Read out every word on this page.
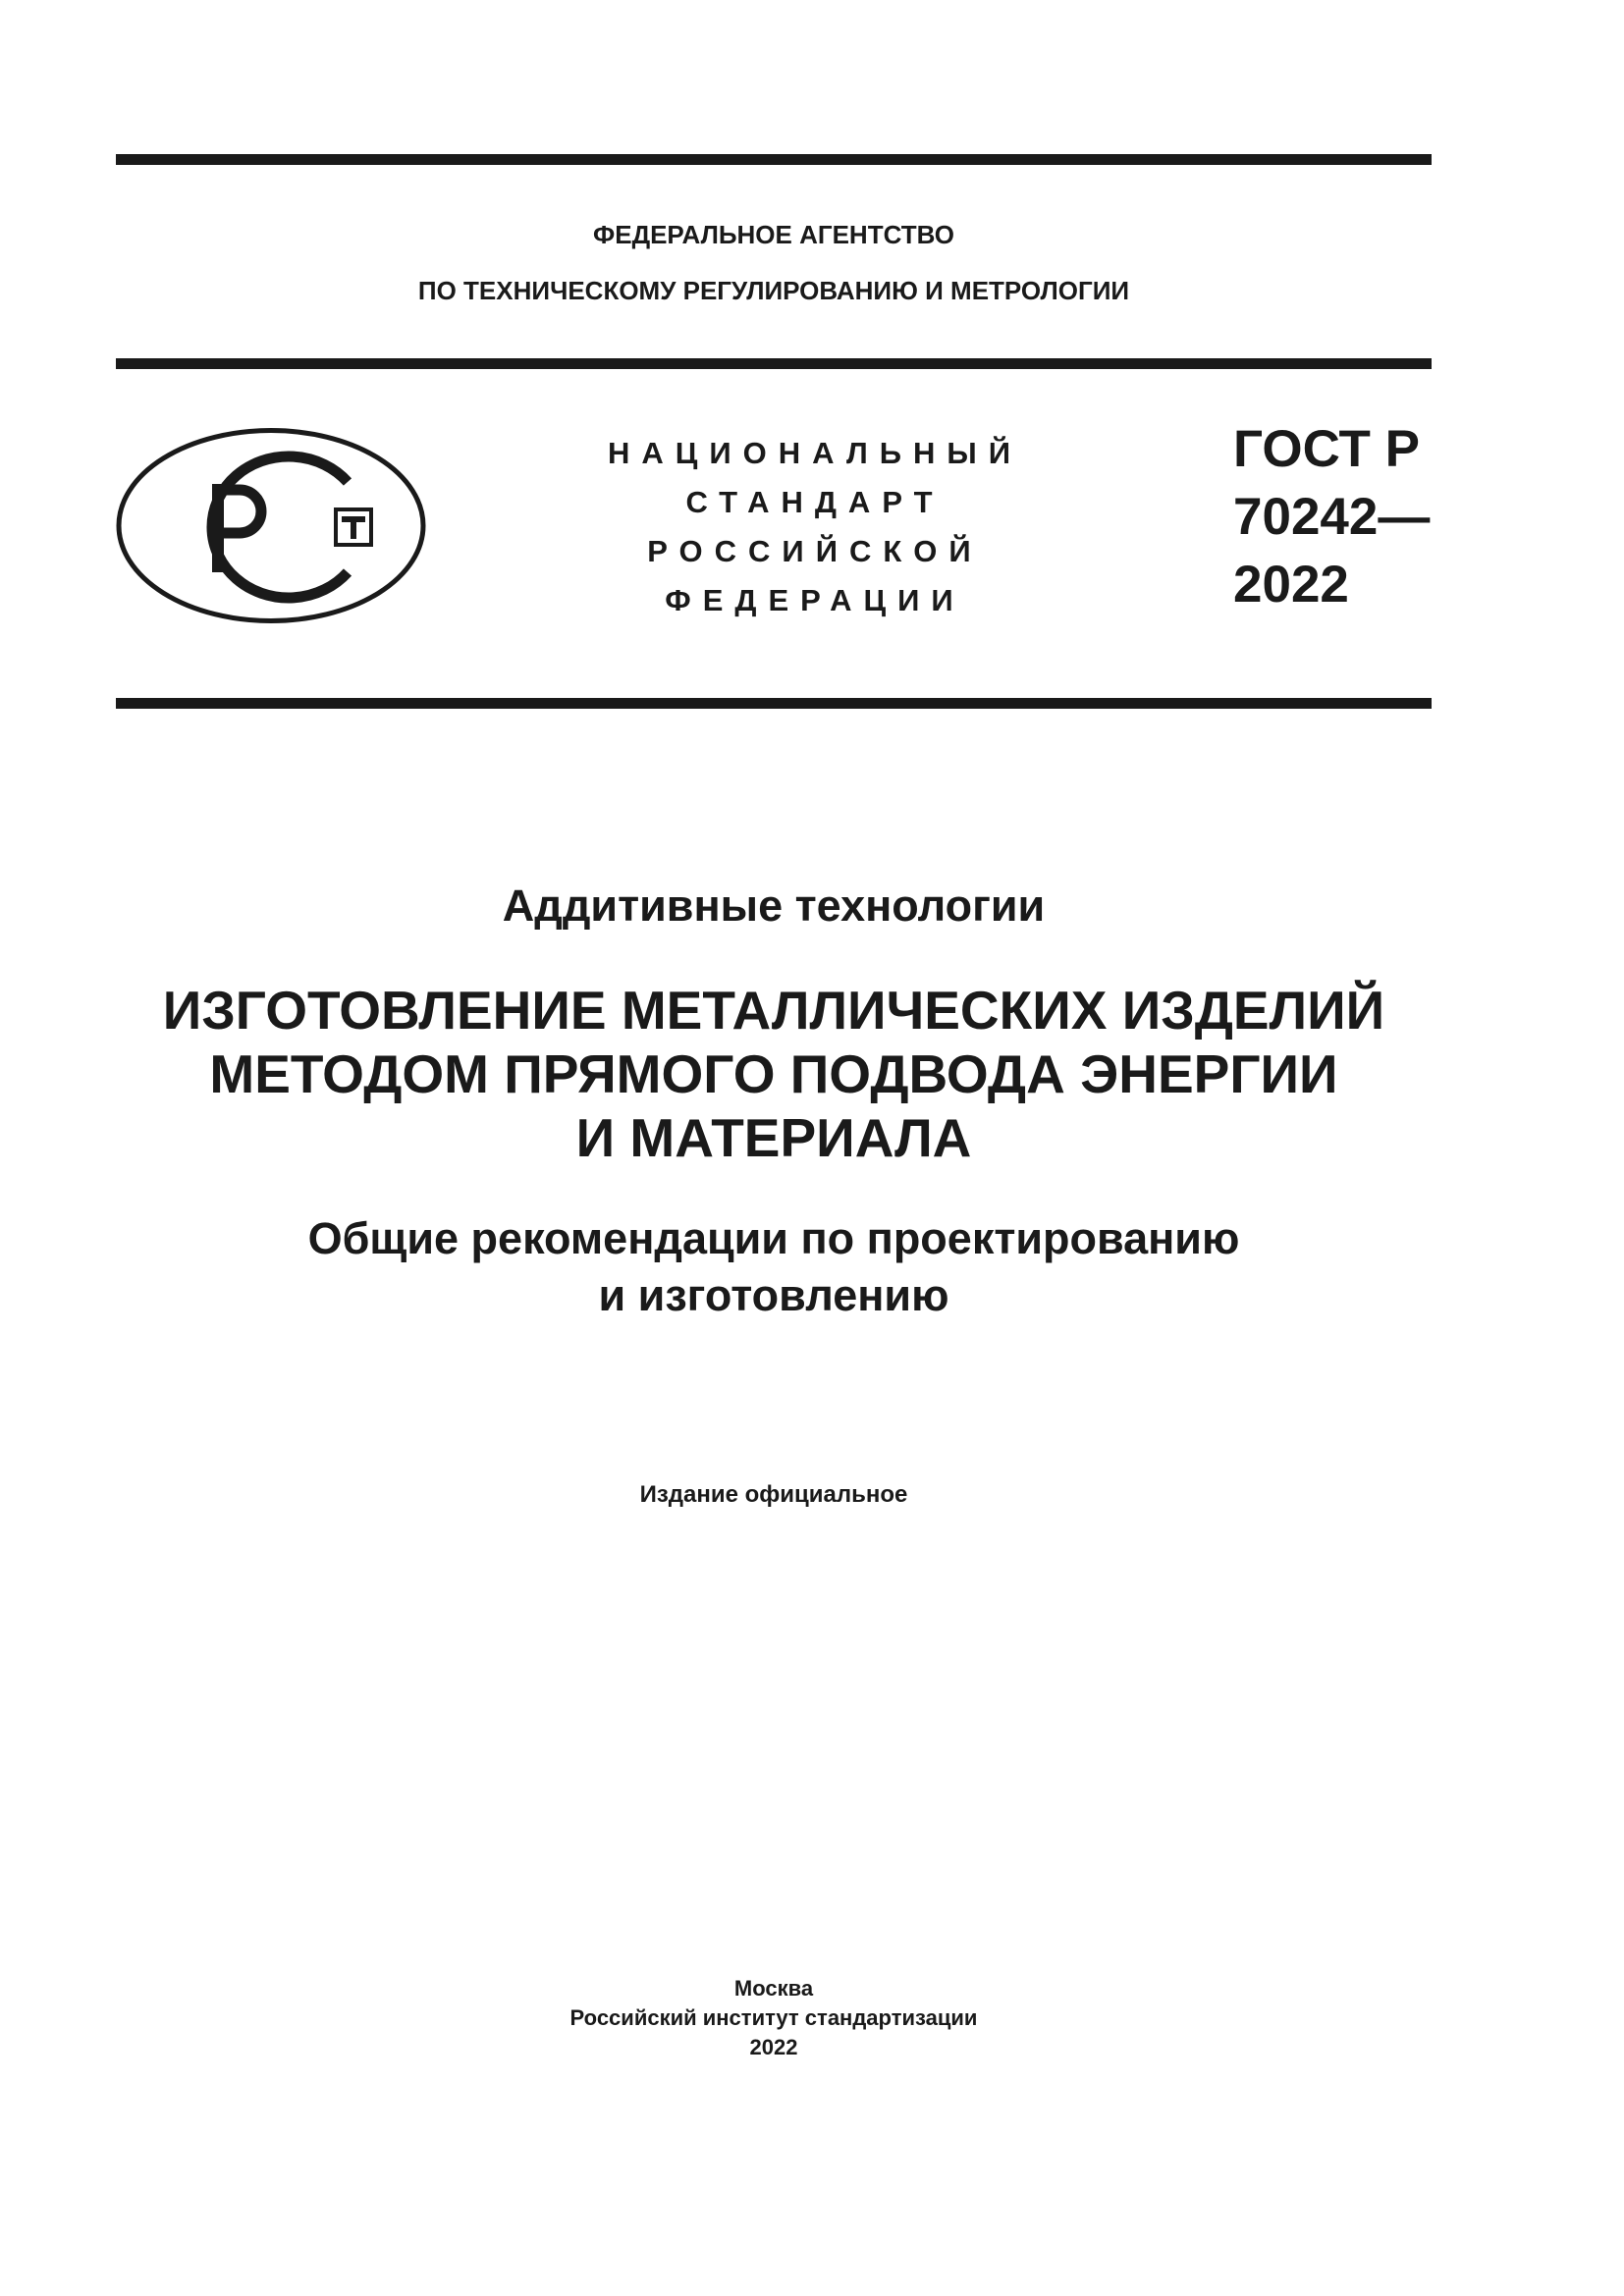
ФЕДЕРАЛЬНОЕ АГЕНТСТВО
ПО ТЕХНИЧЕСКОМУ РЕГУЛИРОВАНИЮ И МЕТРОЛОГИИ
НАЦИОНАЛЬНЫЙ
СТАНДАРТ
РОССИЙСКОЙ
ФЕДЕРАЦИИ
ГОСТ Р
70242—
2022
Аддитивные технологии
ИЗГОТОВЛЕНИЕ МЕТАЛЛИЧЕСКИХ ИЗДЕЛИЙ
МЕТОДОМ ПРЯМОГО ПОДВОДА ЭНЕРГИИ
И МАТЕРИАЛА
Общие рекомендации по проектированию
и изготовлению
Издание официальное
Москва
Российский институт стандартизации
2022
